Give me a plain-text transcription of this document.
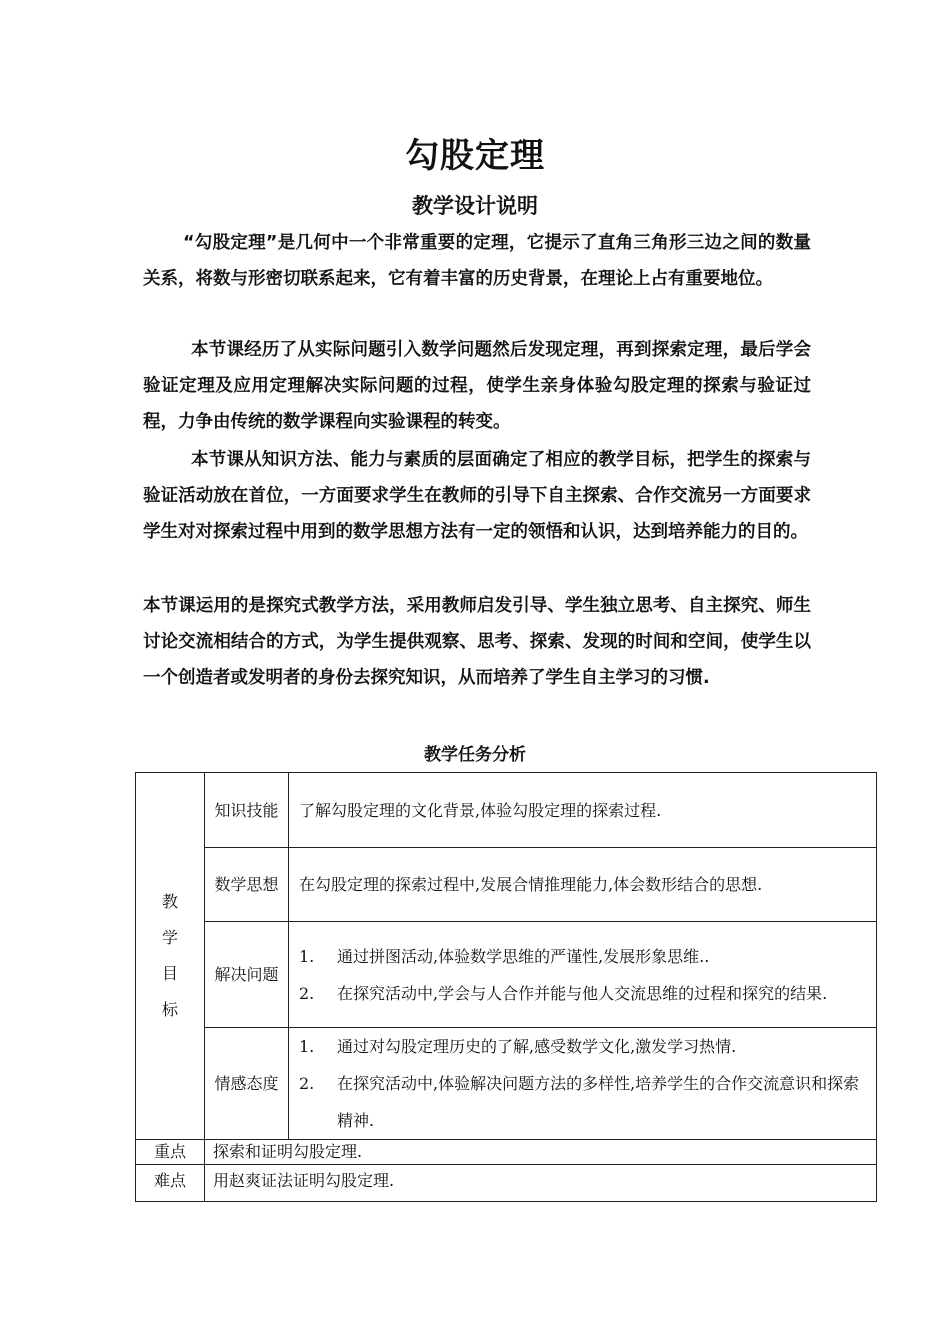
勾股定理
教学设计说明
“勾股定理”是几何中一个非常重要的定理，它提示了直角三角形三边之间的数量关系，将数与形密切联系起来，它有着丰富的历史背景，在理论上占有重要地位。
本节课经历了从实际问题引入数学问题然后发现定理，再到探索定理，最后学会验证定理及应用定理解决实际问题的过程，使学生亲身体验勾股定理的探索与验证过程，力争由传统的数学课程向实验课程的转变。
本节课从知识方法、能力与素质的层面确定了相应的教学目标，把学生的探索与验证活动放在首位，一方面要求学生在教师的引导下自主探索、合作交流另一方面要求学生对对探索过程中用到的数学思想方法有一定的领悟和认识，达到培养能力的目的。
本节课运用的是探究式教学方法，采用教师启发引导、学生独立思考、自主探究、师生讨论交流相结合的方式，为学生提供观察、思考、探索、发现的时间和空间，使学生以一个创造者或发明者的身份去探究知识，从而培养了学生自主学习的习惯.
教学任务分析
教学目标	知识技能	了解勾股定理的文化背景,体验勾股定理的探索过程.
	数学思想	在勾股定理的探索过程中,发展合情推理能力,体会数形结合的思想.
	解决问题	1. 通过拼图活动,体验数学思维的严谨性,发展形象思维..
2. 在探究活动中,学会与人合作并能与他人交流思维的过程和探究的结果.

	情感态度	1. 通过对勾股定理历史的了解,感受数学文化,激发学习热情.
2. 在探究活动中,体验解决问题方法的多样性,培养学生的合作交流意识和探索精神.

重点	探索和证明勾股定理.	
难点	用赵爽证法证明勾股定理.	
